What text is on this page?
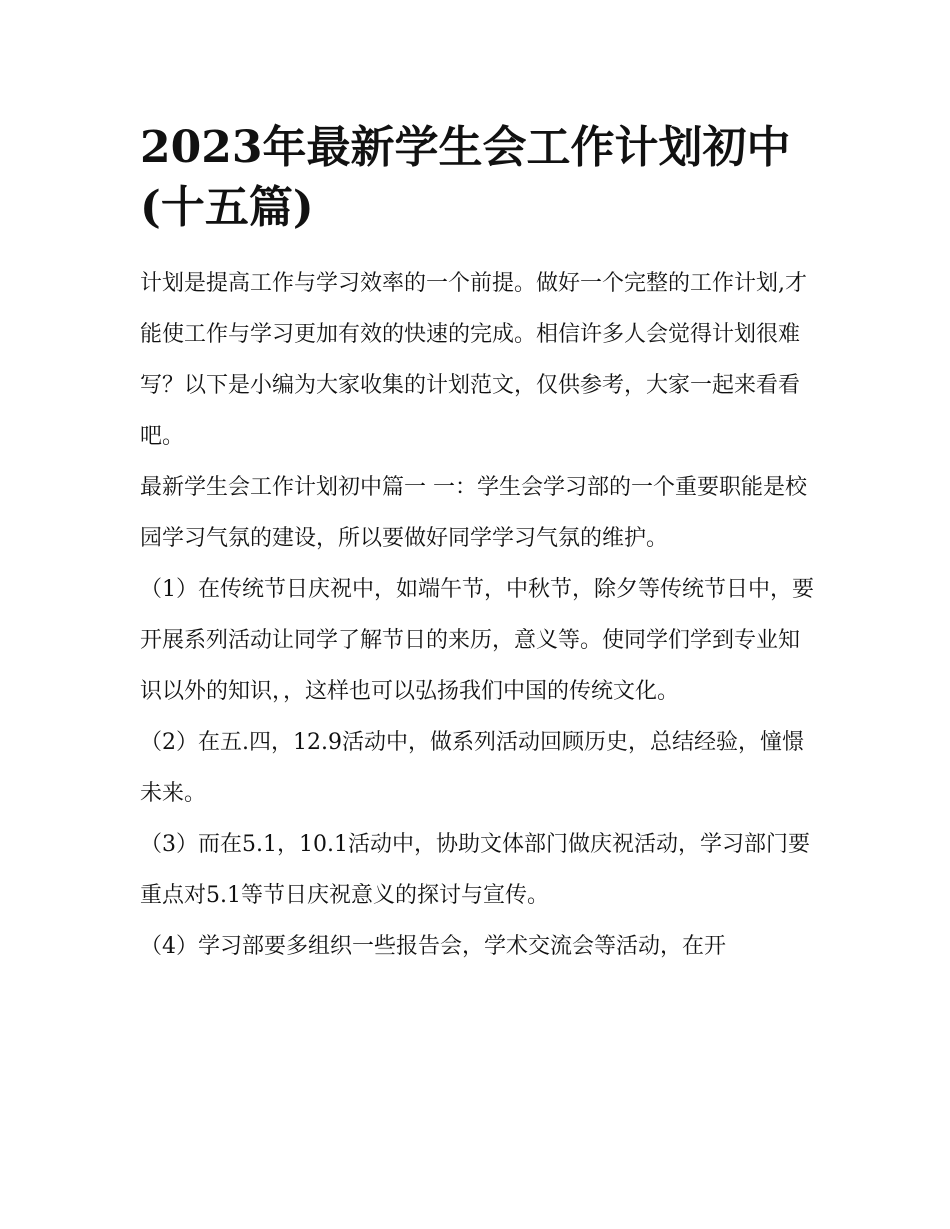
2023年最新学生会工作计划初中(十五篇)

计划是提高工作与学习效率的一个前提。做好一个完整的工作计划,才能使工作与学习更加有效的快速的完成。相信许多人会觉得计划很难写？以下是小编为大家收集的计划范文，仅供参考，大家一起来看看吧。

最新学生会工作计划初中篇一 一：学生会学习部的一个重要职能是校园学习气氛的建设，所以要做好同学学习气氛的维护。

（1）在传统节日庆祝中，如端午节，中秋节，除夕等传统节日中，要开展系列活动让同学了解节日的来历，意义等。使同学们学到专业知识以外的知识，，这样也可以弘扬我们中国的传统文化。

（2）在五.四，12.9活动中，做系列活动回顾历史，总结经验，憧憬未来。

（3）而在5.1，10.1活动中，协助文体部门做庆祝活动，学习部门要重点对5.1等节日庆祝意义的探讨与宣传。

（4）学习部要多组织一些报告会，学术交流会等活动，在开
